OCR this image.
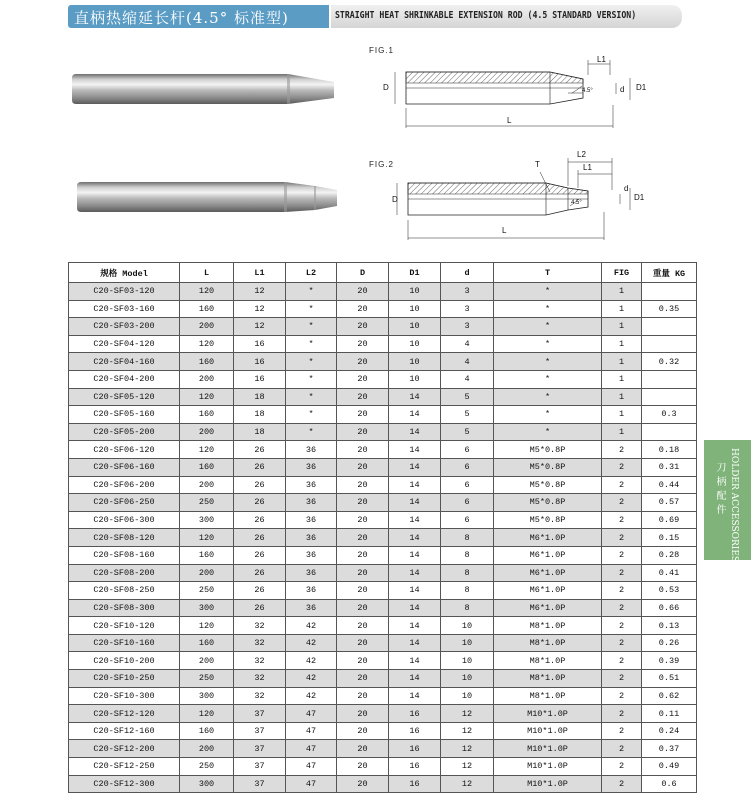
直柄热缩延长杆(4.5° 标准型)	STRAIGHT HEAT SHRINKABLE EXTENSION ROD (4.5 STANDARD VERSION)
FIG.1
L1
D	4.5°	d D1
L
FIG.2	T
L2
L1
D	4.5°
d
D1
L
规格 Model	L	L1	L2	D	D1	d	T	FIG	重量 KG
C20-SF03-120	120	12	*	20	10	3	*	1	
C20-SF03-160	160	12	*	20	10	3	*	1	0.35
C20-SF03-200	200	12	*	20	10	3	*	1	
C20-SF04-120	120	16	*	20	10	4	*	1	
C20-SF04-160	160	16	*	20	10	4	*	1	0.32
C20-SF04-200	200	16	*	20	10	4	*	1	
C20-SF05-120	120	18	*	20	14	5	*	1	
C20-SF05-160	160	18	*	20	14	5	*	1	0.3
C20-SF05-200	200	18	*	20	14	5	*	1	
C20-SF06-120	120	26	36	20	14	6	M5*0.8P	2	0.18
C20-SF06-160	160	26	36	20	14	6	M5*0.8P	2	0.31
C20-SF06-200	200	26	36	20	14	6	M5*0.8P	2	0.44
C20-SF06-250	250	26	36	20	14	6	M5*0.8P	2	0.57
C20-SF06-300	300	26	36	20	14	6	M5*0.8P	2	0.69
C20-SF08-120	120	26	36	20	14	8	M6*1.0P	2	0.15
C20-SF08-160	160	26	36	20	14	8	M6*1.0P	2	0.28
C20-SF08-200	200	26	36	20	14	8	M6*1.0P	2	0.41
C20-SF08-250	250	26	36	20	14	8	M6*1.0P	2	0.53
C20-SF08-300	300	26	36	20	14	8	M6*1.0P	2	0.66
C20-SF10-120	120	32	42	20	14	10	M8*1.0P	2	0.13
C20-SF10-160	160	32	42	20	14	10	M8*1.0P	2	0.26
C20-SF10-200	200	32	42	20	14	10	M8*1.0P	2	0.39
C20-SF10-250	250	32	42	20	14	10	M8*1.0P	2	0.51
C20-SF10-300	300	32	42	20	14	10	M8*1.0P	2	0.62
C20-SF12-120	120	37	47	20	16	12	M10*1.0P	2	0.11
C20-SF12-160	160	37	47	20	16	12	M10*1.0P	2	0.24
C20-SF12-200	200	37	47	20	16	12	M10*1.0P	2	0.37
C20-SF12-250	250	37	47	20	16	12	M10*1.0P	2	0.49
C20-SF12-300	300	37	47	20	16	12	M10*1.0P	2	0.6
HOLDER ACCESSORIES
刀柄配件
